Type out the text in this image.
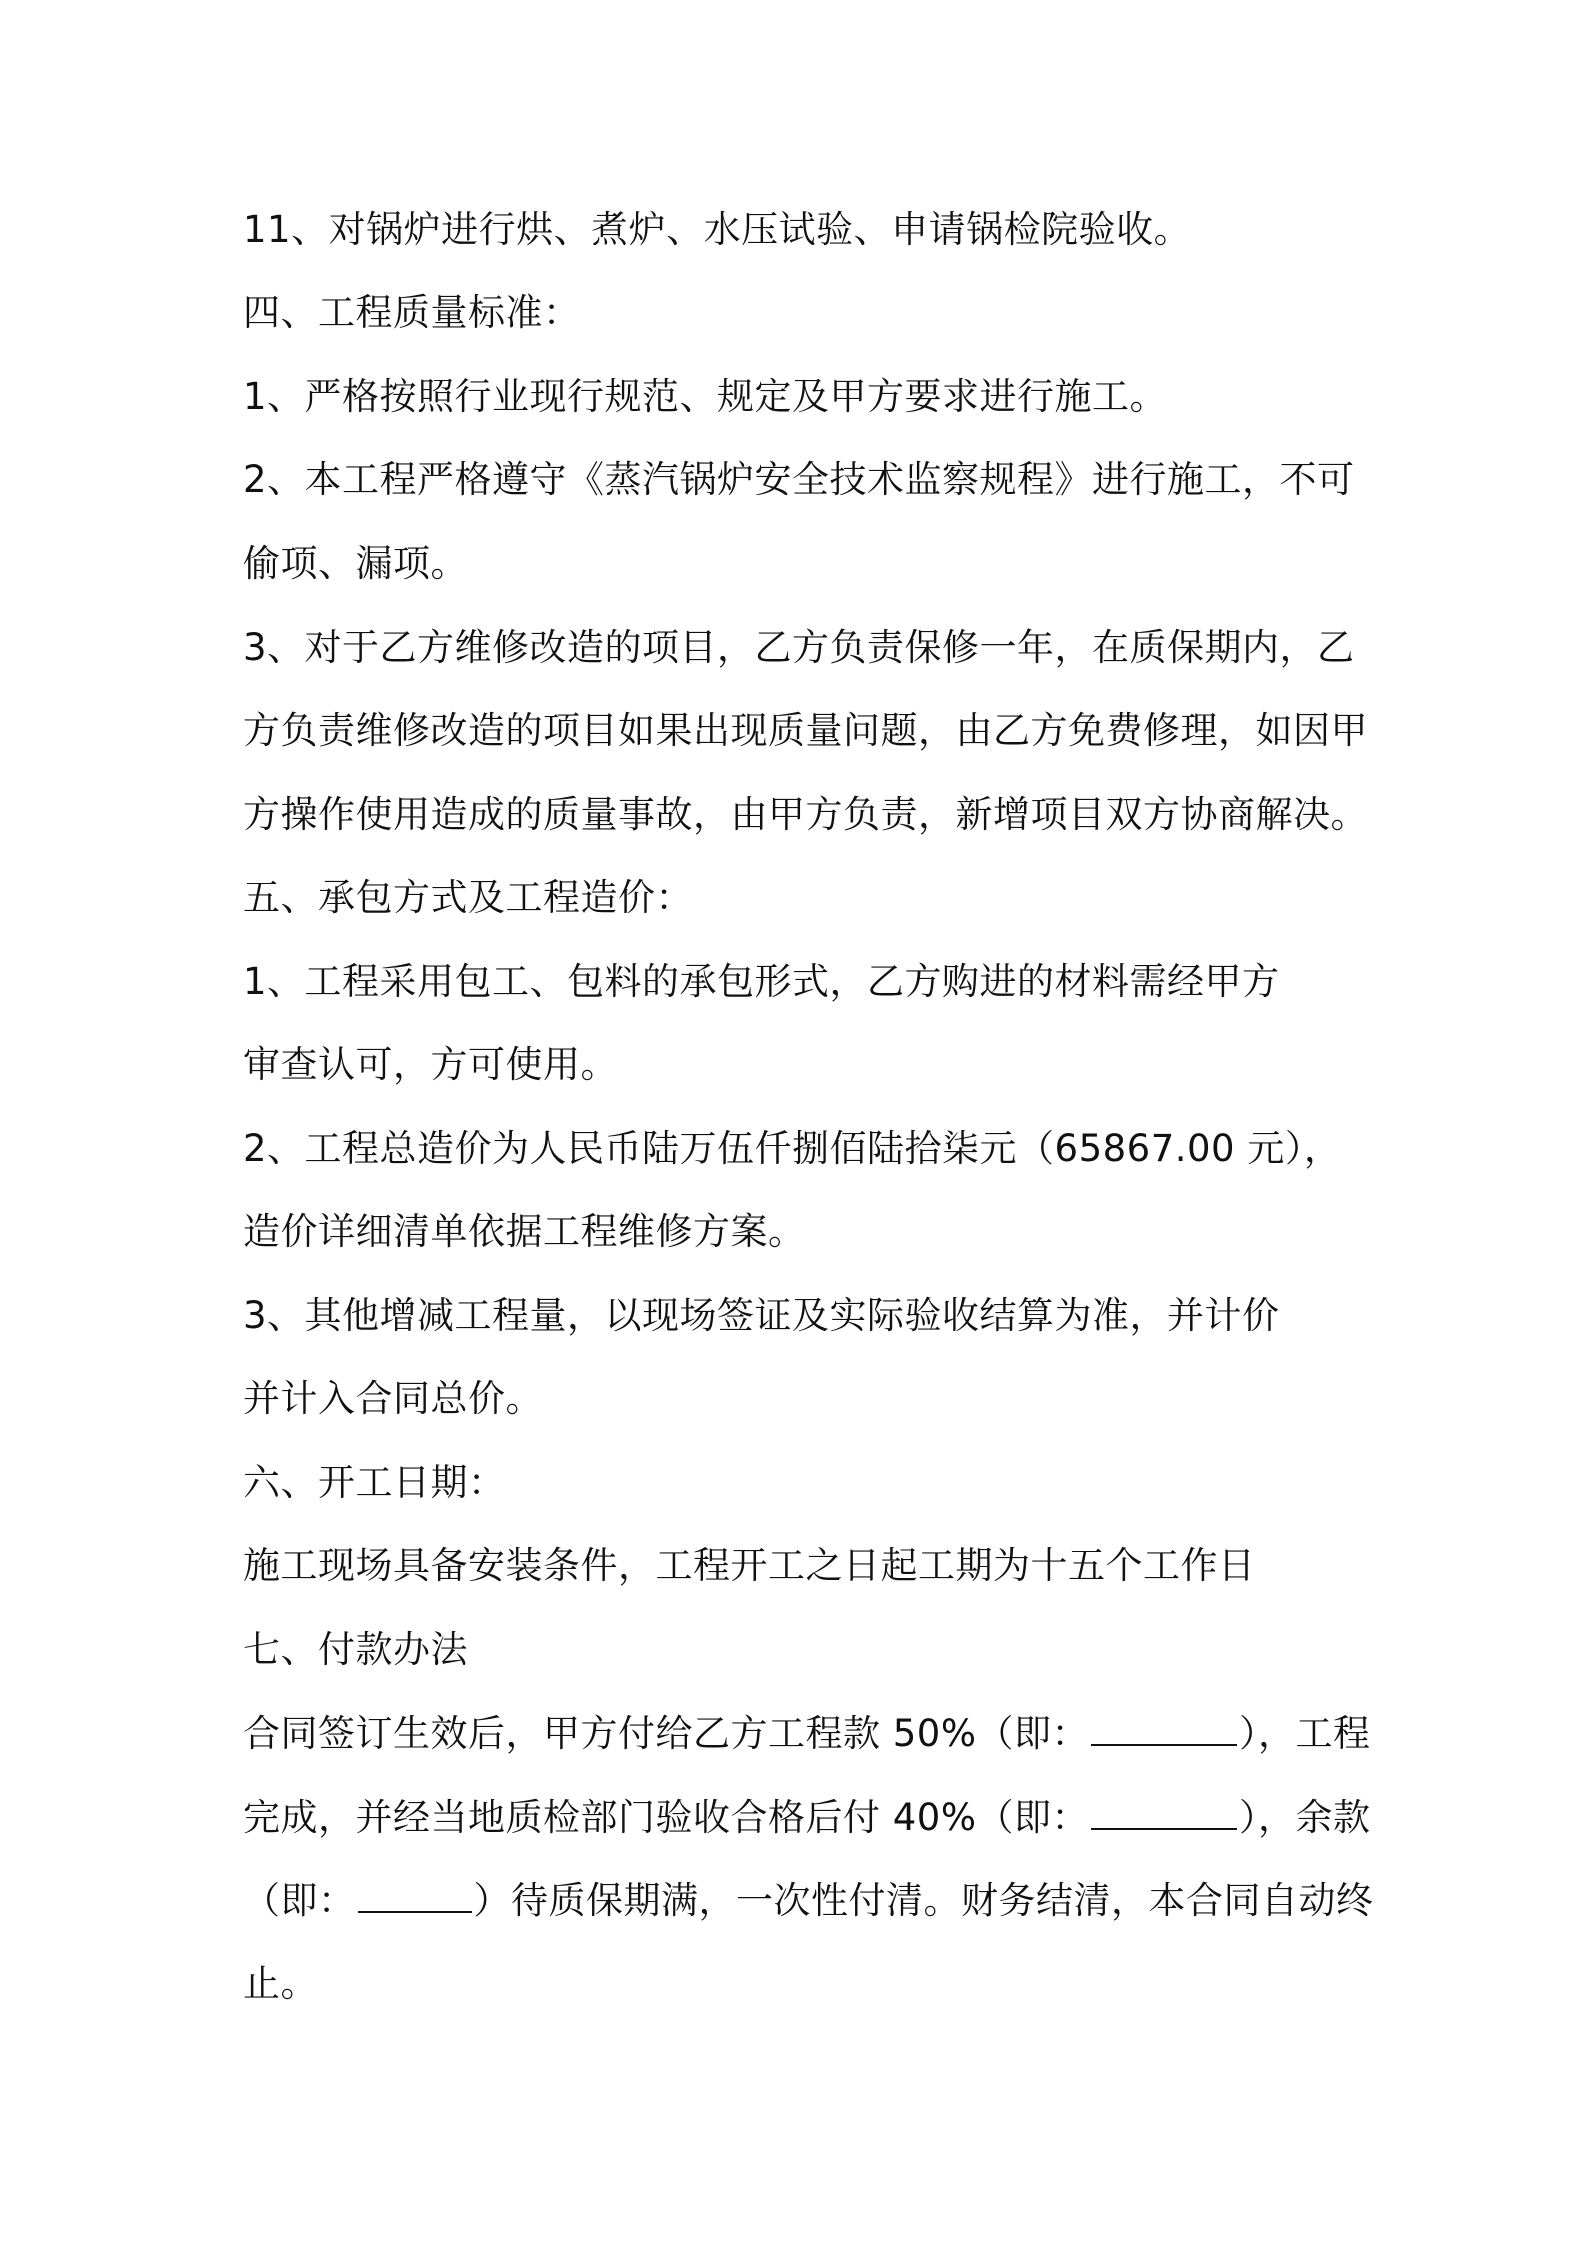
11、对锅炉进行烘、煮炉、水压试验、申请锅检院验收。
四、工程质量标准：
1、严格按照行业现行规范、规定及甲方要求进行施工。
2、本工程严格遵守《蒸汽锅炉安全技术监察规程》进行施工，不可
偷项、漏项。
3、对于乙方维修改造的项目，乙方负责保修一年，在质保期内，乙
方负责维修改造的项目如果出现质量问题，由乙方免费修理，如因甲
方操作使用造成的质量事故，由甲方负责，新增项目双方协商解决。
五、承包方式及工程造价：
1、工程采用包工、包料的承包形式，乙方购进的材料需经甲方
审查认可，方可使用。
2、工程总造价为人民币陆万伍仟捌佰陆拾柒元（65867.00 元），
造价详细清单依据工程维修方案。
3、其他增减工程量，以现场签证及实际验收结算为准，并计价
并计入合同总价。
六、开工日期：
施工现场具备安装条件，工程开工之日起工期为十五个工作日
七、付款办法
合同签订生效后，甲方付给乙方工程款 50%（即：	），工程
完成，并经当地质检部门验收合格后付 40%（即：	），余款
（即：	）待质保期满，一次性付清。财务结清，本合同自动终
止。
